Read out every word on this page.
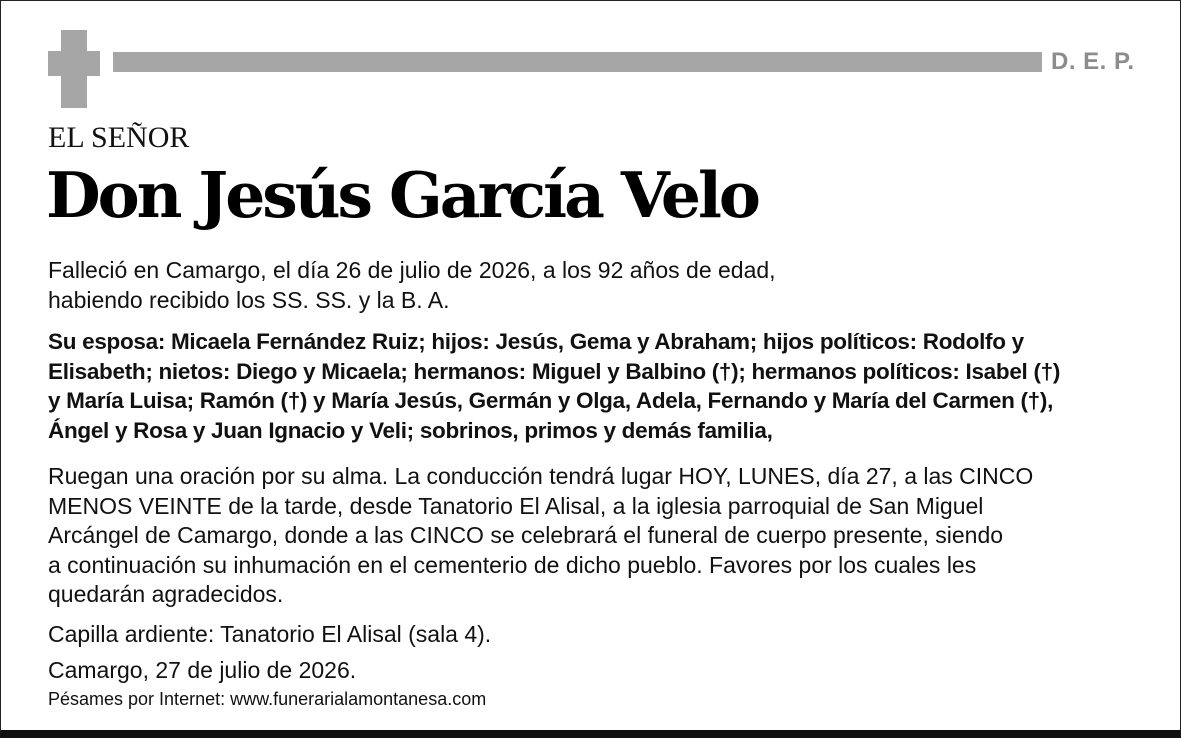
D. E. P.
EL SEÑOR
Don Jesús García Velo
Falleció en Camargo, el día 26 de julio de 2026, a los 92 años de edad,
habiendo recibido los SS. SS. y la B. A.
Su esposa: Micaela Fernández Ruiz; hijos: Jesús, Gema y Abraham; hijos políticos: Rodolfo y
Elisabeth; nietos: Diego y Micaela; hermanos: Miguel y Balbino (†); hermanos políticos: Isabel (†)
y María Luisa; Ramón (†) y María Jesús, Germán y Olga, Adela, Fernando y María del Carmen (†),
Ángel y Rosa y Juan Ignacio y Veli; sobrinos, primos y demás familia,
Ruegan una oración por su alma. La conducción tendrá lugar HOY, LUNES, día 27, a las CINCO
MENOS VEINTE de la tarde, desde Tanatorio El Alisal, a la iglesia parroquial de San Miguel
Arcángel de Camargo, donde a las CINCO se celebrará el funeral de cuerpo presente, siendo
a continuación su inhumación en el cementerio de dicho pueblo. Favores por los cuales les
quedarán agradecidos.
Capilla ardiente: Tanatorio El Alisal (sala 4).
Camargo, 27 de julio de 2026.
Pésames por Internet: www.funerarialamontanesa.com
